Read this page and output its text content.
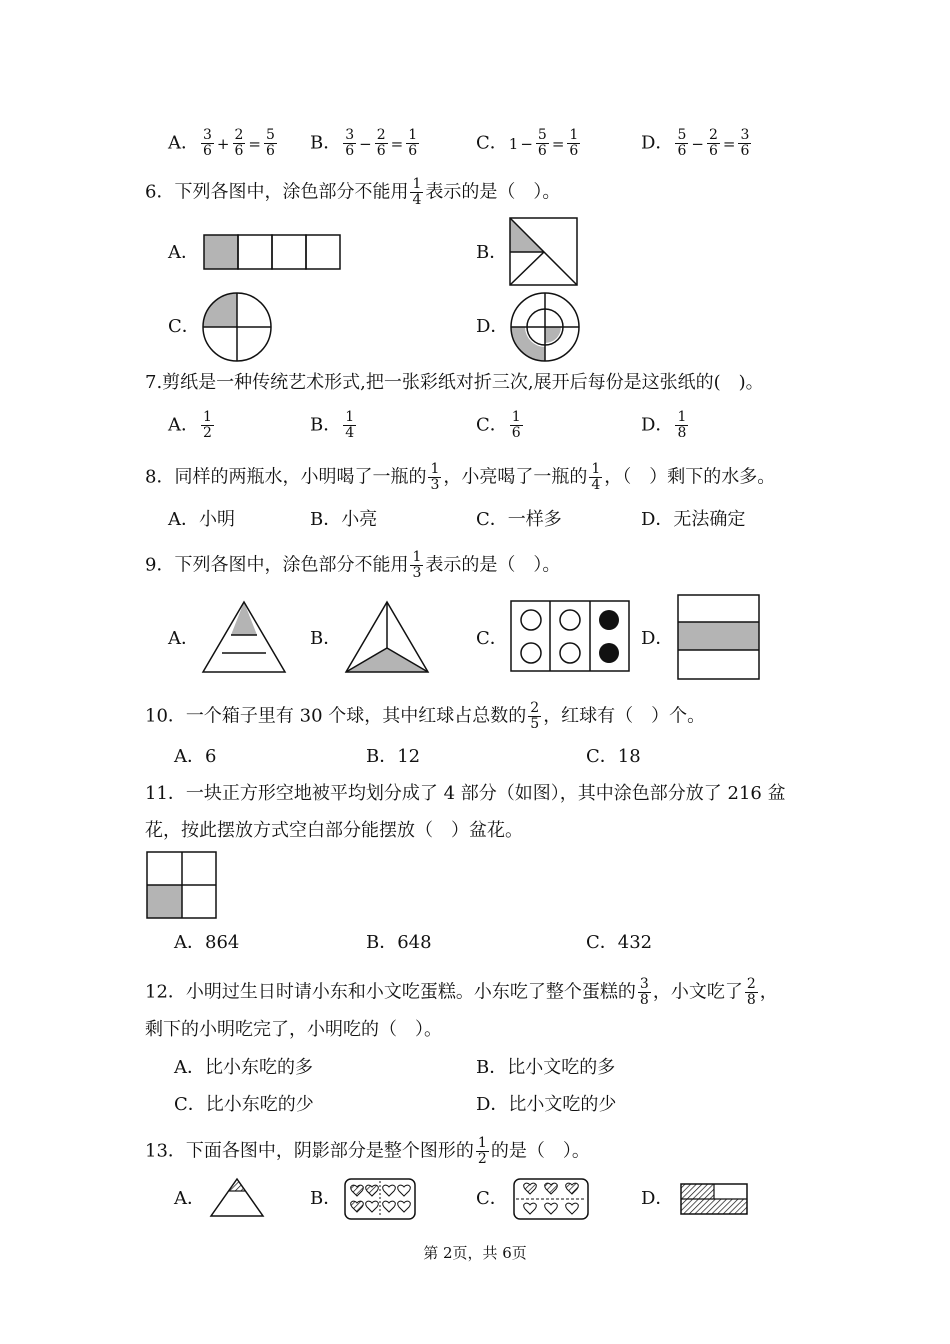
A． $\frac{3}{6} + \frac{2}{6} = \frac{5}{6}$ B． $\frac{3}{6} - \frac{2}{6} = \frac{1}{6}$	C．$1 - \frac{5}{6} = \frac{1}{6}$	D． $\frac{5}{6} - \frac{2}{6} = \frac{3}{6}$
6．下列各图中，涂色部分不能用 $\frac{1}{4}$ 表示的是（　）。
A．	B．
C．	D．
7.剪纸是一种传统艺术形式,把一张彩纸对折三次,展开后每份是这张纸的(　)。
A． $\frac{1}{2}$	B． $\frac{1}{4}$	C． $\frac{1}{6}$	D． $\frac{1}{8}$
8．同样的两瓶水，小明喝了一瓶的 $\frac{1}{3}$ ，小亮喝了一瓶的 $\frac{1}{4}$ ，（　）剩下的水多。
A．小明	B．小亮	C．一样多	D．无法确定
9．下列各图中，涂色部分不能用 $\frac{1}{3}$ 表示的是（　）。
A．	B．	C．	D．
10．一个箱子里有 30 个球，其中红球占总数的 $\frac{2}{5}$ ，红球有（　）个。
A．6	B．12	C．18
11．一块正方形空地被平均划分成了 4 部分（如图），其中涂色部分放了 216 盆
花，按此摆放方式空白部分能摆放（　）盆花。
A．864	B．648	C．432
12．小明过生日时请小东和小文吃蛋糕。小东吃了整个蛋糕的 $\frac{3}{8}$ ，小文吃了 $\frac{2}{8}$ ，
剩下的小明吃完了，小明吃的（　）。
A．比小东吃的多	B．比小文吃的多
C．比小东吃的少	D．比小文吃的少
13．下面各图中，阴影部分是整个图形的 $\frac{1}{2}$ 的是（　）。
A．	B．	C．	D．
第 2页，共 6页
